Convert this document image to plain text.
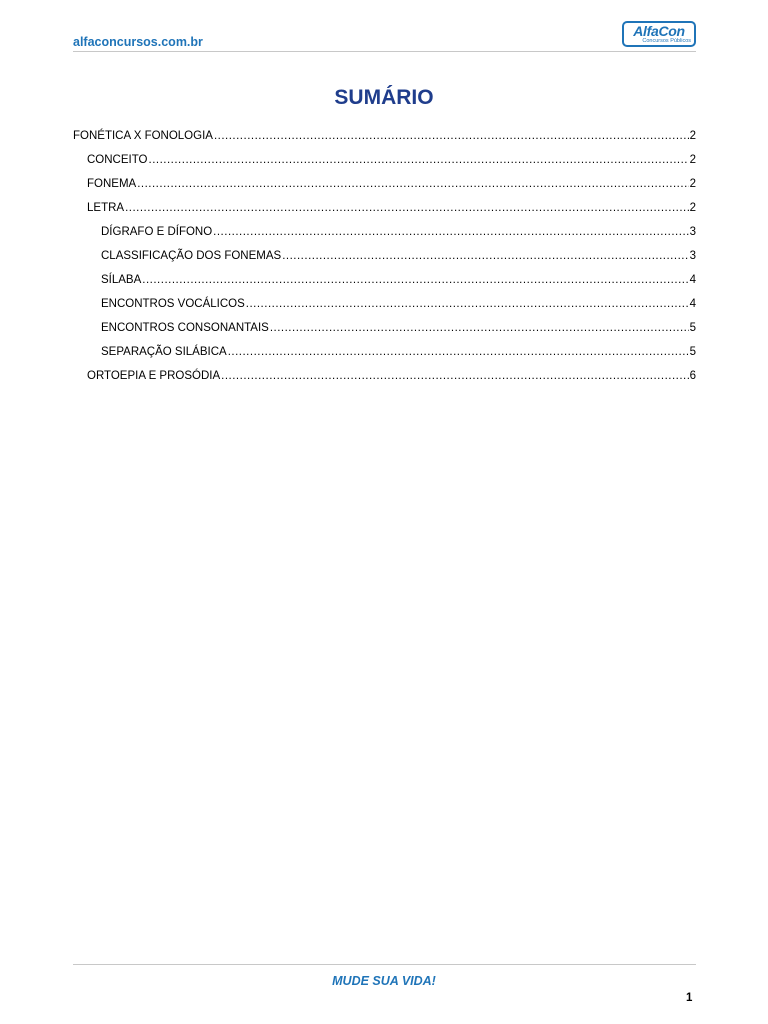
alfaconcursos.com.br
AlfaCon
Concursos Públicos
SUMÁRIO
FONÉTICA X FONOLOGIA .....	2
CONCEITO .....	2
FONEMA .....	2
LETRA .....	2
DÍGRAFO E DÍFONO .....	3
CLASSIFICAÇÃO DOS FONEMAS .....	3
SÍLABA .....	4
ENCONTROS VOCÁLICOS .....	4
ENCONTROS CONSONANTAIS .....	5
SEPARAÇÃO SILÁBICA .....	5
ORTOEPIA E PROSÓDIA .....	6
MUDE SUA VIDA!
1
